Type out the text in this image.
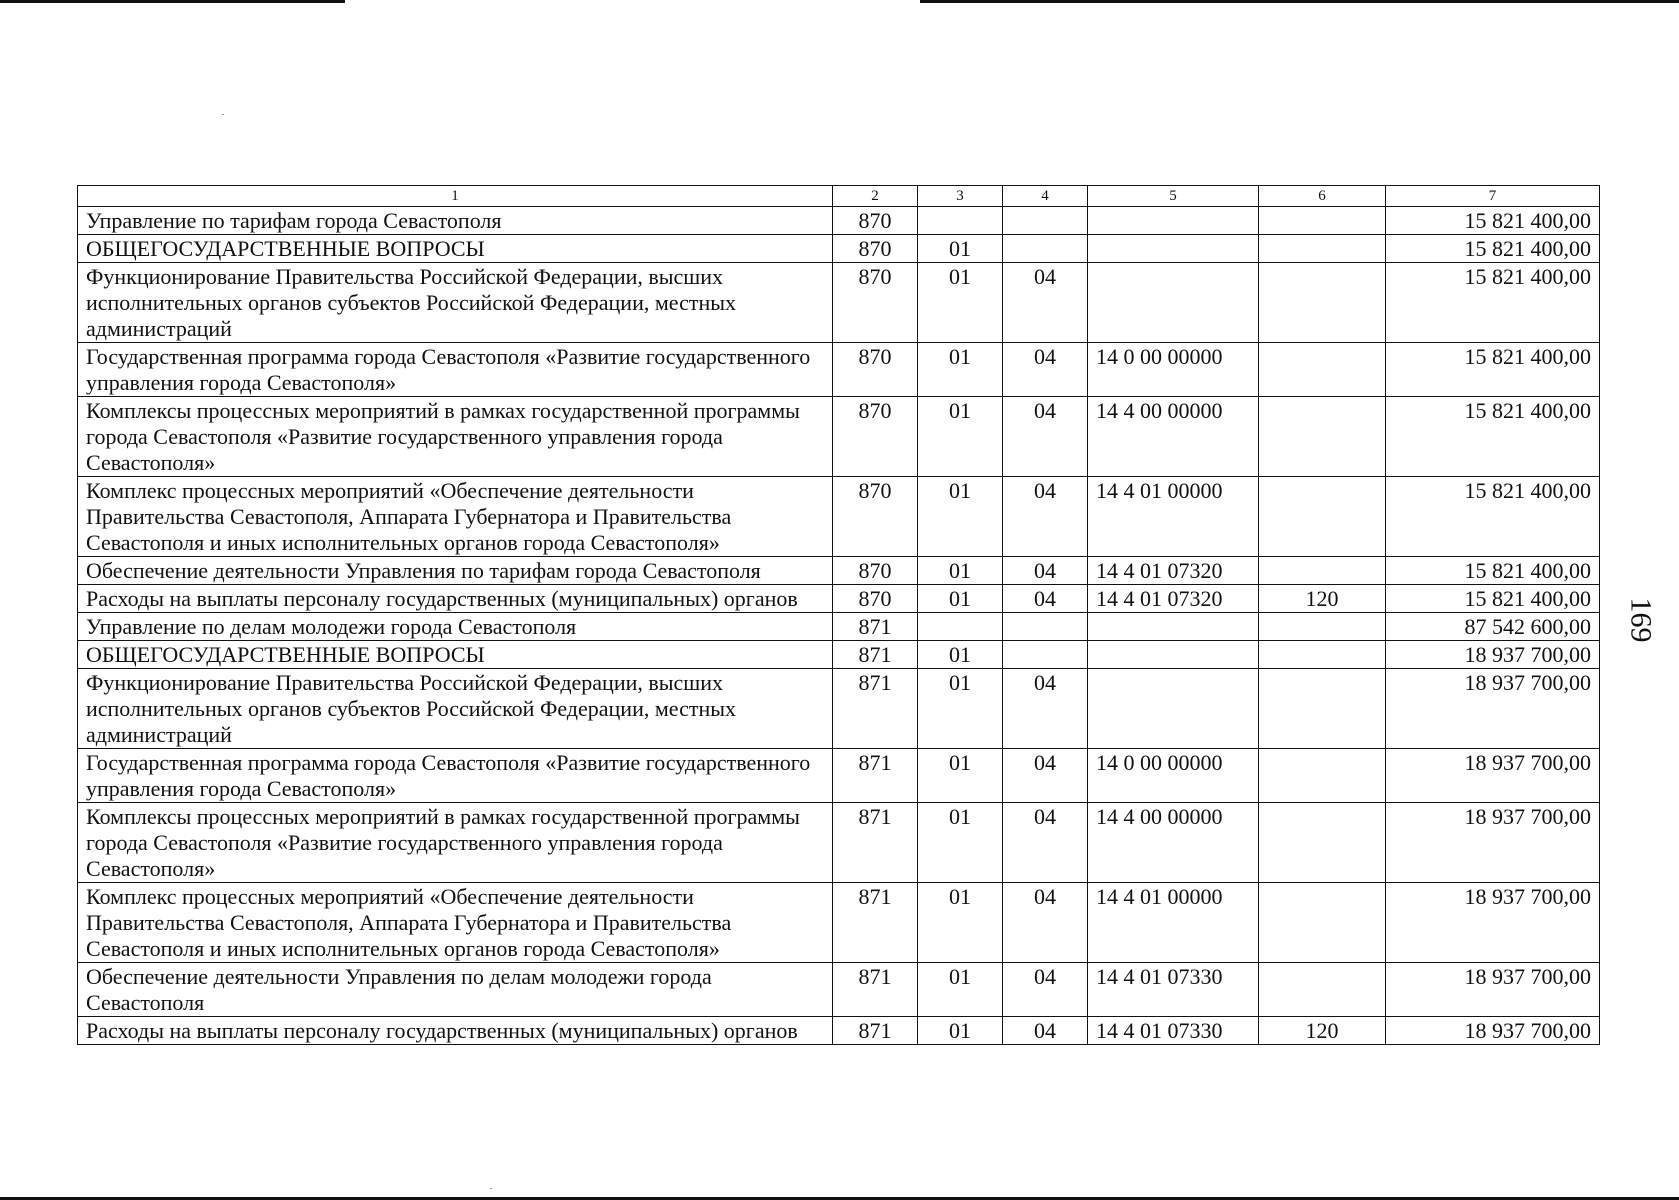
1	2	3	4	5	6	7
Управление по тарифам города Севастополя	870					15 821 400,00
ОБЩЕГОСУДАРСТВЕННЫЕ ВОПРОСЫ	870	01				15 821 400,00
Функционирование Правительства Российской Федерации, высших исполнительных органов субъектов Российской Федерации, местных администраций	870	01	04			15 821 400,00
Государственная программа города Севастополя «Развитие государственного управления города Севастополя»	870	01	04	14 0 00 00000		15 821 400,00
Комплексы процессных мероприятий в рамках государственной программы города Севастополя «Развитие государственного управления города Севастополя»	870	01	04	14 4 00 00000		15 821 400,00
Комплекс процессных мероприятий «Обеспечение деятельности Правительства Севастополя, Аппарата Губернатора и Правительства Севастополя и иных исполнительных органов города Севастополя»	870	01	04	14 4 01 00000		15 821 400,00
Обеспечение деятельности Управления по тарифам города Севастополя	870	01	04	14 4 01 07320		15 821 400,00
Расходы на выплаты персоналу государственных (муниципальных) органов	870	01	04	14 4 01 07320	120	15 821 400,00
Управление по делам молодежи города Севастополя	871					87 542 600,00
ОБЩЕГОСУДАРСТВЕННЫЕ ВОПРОСЫ	871	01				18 937 700,00
Функционирование Правительства Российской Федерации, высших исполнительных органов субъектов Российской Федерации, местных администраций	871	01	04			18 937 700,00
Государственная программа города Севастополя «Развитие государственного управления города Севастополя»	871	01	04	14 0 00 00000		18 937 700,00
Комплексы процессных мероприятий в рамках государственной программы города Севастополя «Развитие государственного управления города Севастополя»	871	01	04	14 4 00 00000		18 937 700,00
Комплекс процессных мероприятий «Обеспечение деятельности Правительства Севастополя, Аппарата Губернатора и Правительства Севастополя и иных исполнительных органов города Севастополя»	871	01	04	14 4 01 00000		18 937 700,00
Обеспечение деятельности Управления по делам молодежи города Севастополя	871	01	04	14 4 01 07330		18 937 700,00
Расходы на выплаты персоналу государственных (муниципальных) органов	871	01	04	14 4 01 07330	120	18 937 700,00
169
